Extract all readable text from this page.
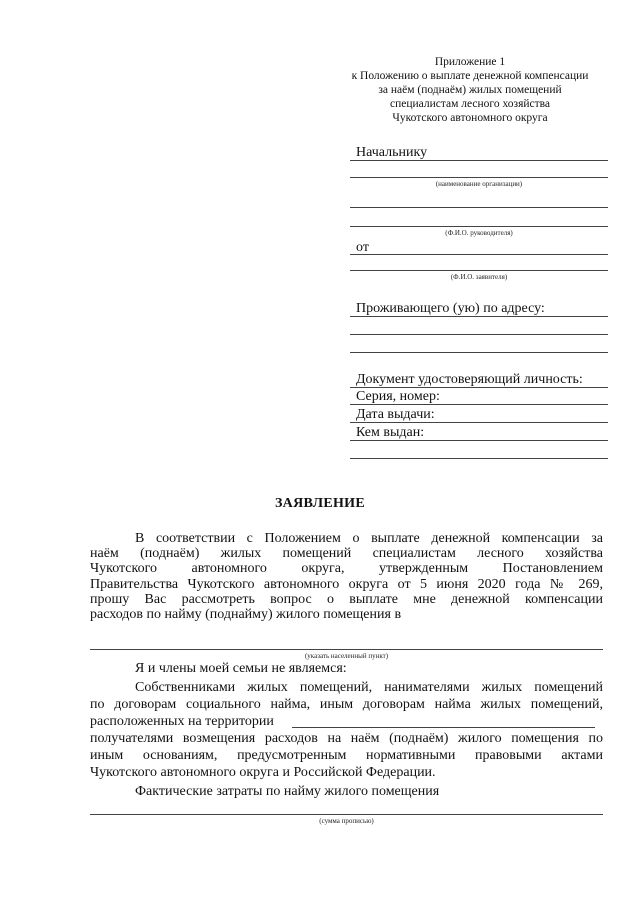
Приложение 1
к Положению о выплате денежной компенсации
за наём (поднаём) жилых помещений
специалистам лесного хозяйства
Чукотского автономного округа
Начальнику
(наименование организации)
(Ф.И.О. руководителя)
от
(Ф.И.О. заявителя)
Проживающего (ую) по адресу:
Документ удостоверяющий личность:
Серия, номер:
Дата выдачи:
Кем выдан:
ЗАЯВЛЕНИЕ
В соответствии с Положением о выплате денежной компенсации за
наём (поднаём) жилых помещений специалистам лесного хозяйства
Чукотского автономного округа, утвержденным Постановлением
Правительства Чукотского автономного округа от 5 июня 2020 года № 269,
прошу Вас рассмотреть вопрос о выплате мне денежной компенсации
расходов по найму (поднайму) жилого помещения в
(указать населенный пункт)
Я и члены моей семьи не являемся:
Собственниками жилых помещений, нанимателями жилых помещений
по договорам социального найма, иным договорам найма жилых помещений,
расположенных на территории
получателями возмещения расходов на наём (поднаём) жилого помещения по
иным основаниям, предусмотренным нормативными правовыми актами
Чукотского автономного округа и Российской Федерации.
Фактические затраты по найму жилого помещения
(сумма прописью)
